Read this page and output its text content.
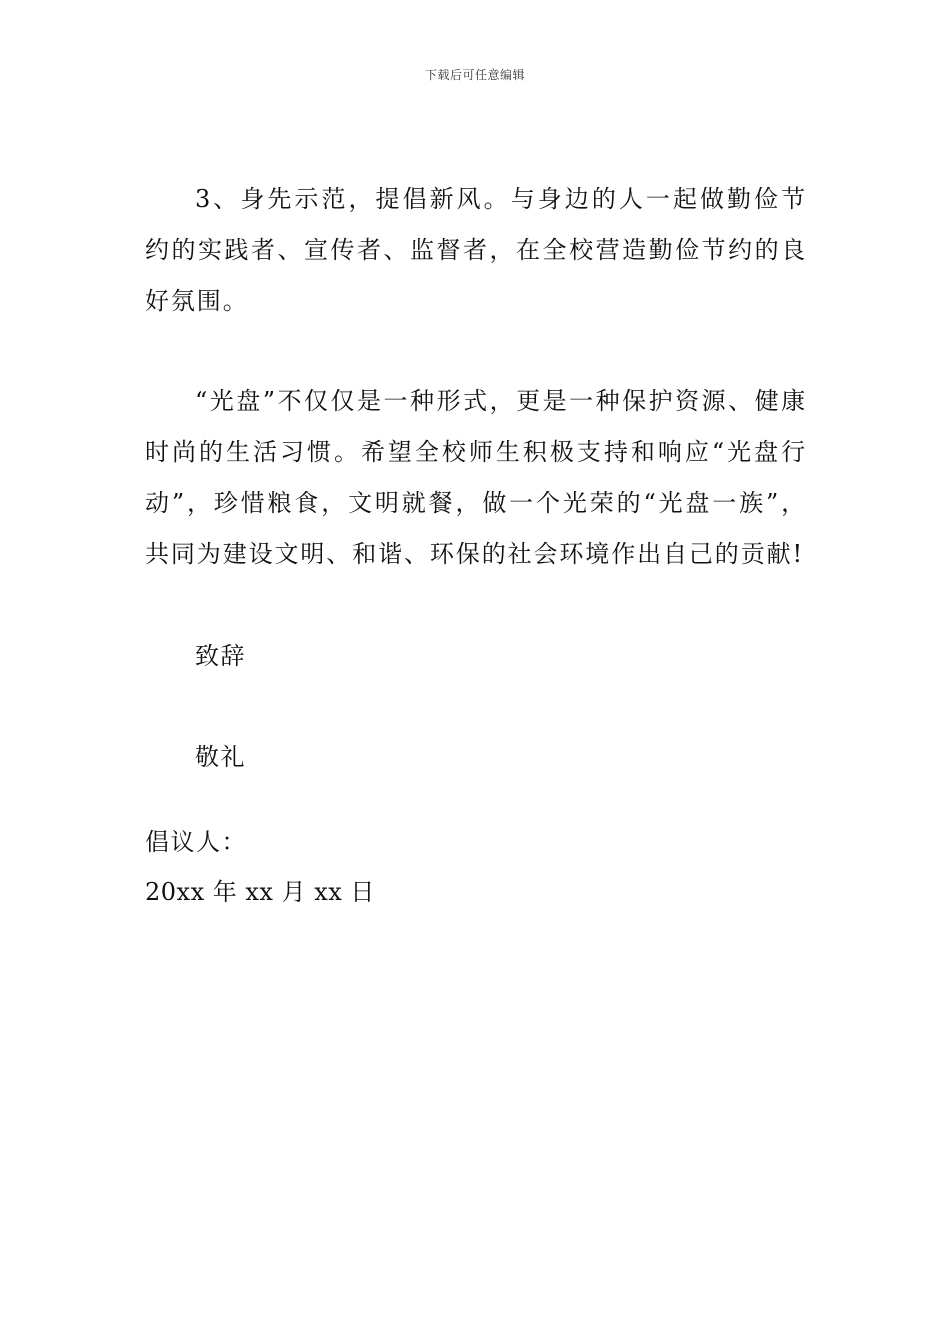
下载后可任意编辑

3、身先示范，提倡新风。与身边的人一起做勤俭节约的实践者、宣传者、监督者，在全校营造勤俭节约的良好氛围。

“光盘”不仅仅是一种形式，更是一种保护资源、健康时尚的生活习惯。希望全校师生积极支持和响应“光盘行动”，珍惜粮食，文明就餐，做一个光荣的“光盘一族”，共同为建设文明、和谐、环保的社会环境作出自己的贡献!

致辞

敬礼

倡议人：

20xx 年 xx 月 xx 日
